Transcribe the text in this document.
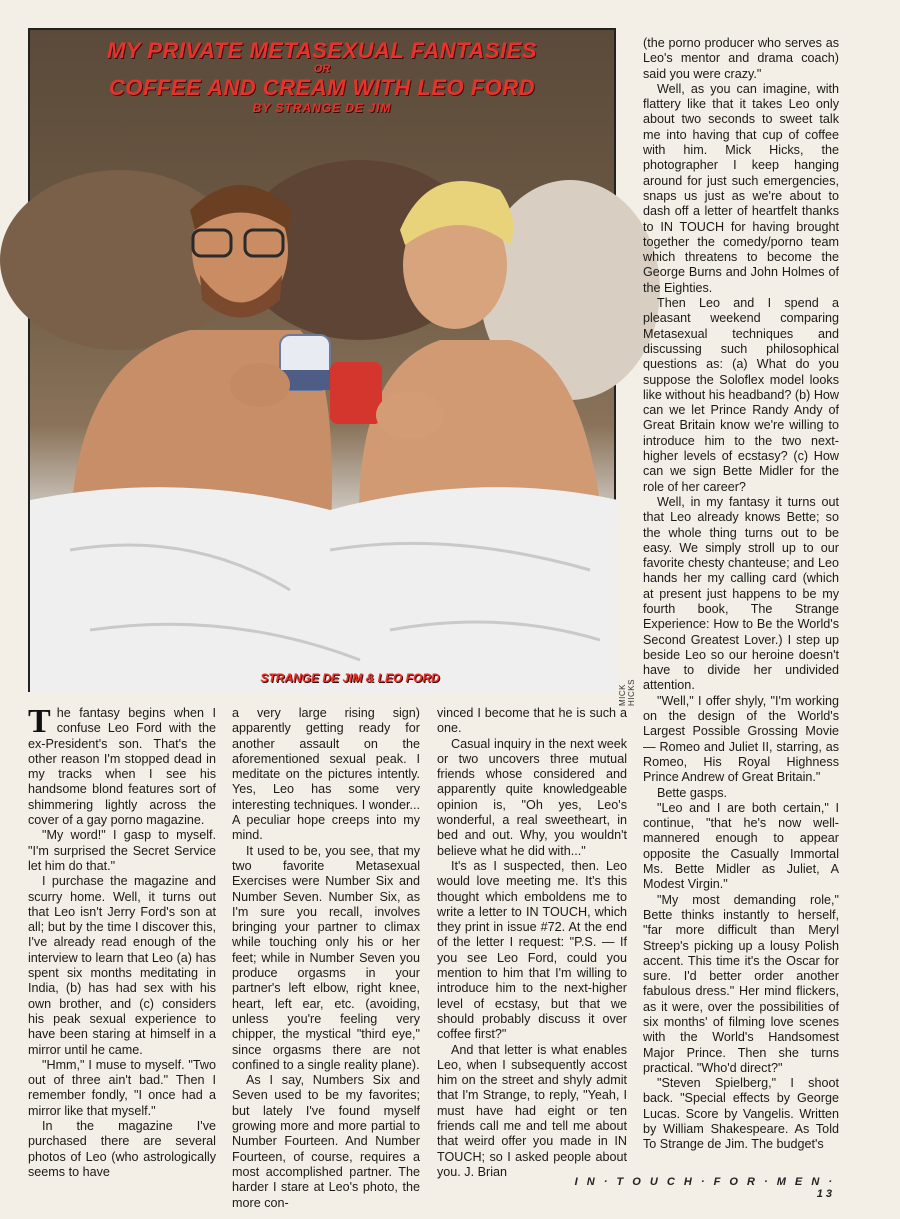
MY PRIVATE METASEXUAL FANTASIES
OR
COFFEE AND CREAM WITH LEO FORD
BY STRANGE DE JIM
STRANGE DE JIM & LEO FORD
MICK HICKS
T he fantasy begins when I confuse Leo Ford with the ex-President's son. That's the other reason I'm stopped dead in my tracks when I see his handsome blond features sort of shimmering lightly across the cover of a gay porno magazine.

"My word!" I gasp to myself. "I'm surprised the Secret Service let him do that."

I purchase the magazine and scurry home. Well, it turns out that Leo isn't Jerry Ford's son at all; but by the time I discover this, I've already read enough of the interview to learn that Leo (a) has spent six months meditating in India, (b) has had sex with his own brother, and (c) considers his peak sexual experience to have been staring at himself in a mirror until he came.

"Hmm," I muse to myself. "Two out of three ain't bad." Then I remember fondly, "I once had a mirror like that myself."

In the magazine I've purchased there are several photos of Leo (who astrologically seems to have

a very large rising sign) apparently getting ready for another assault on the aforementioned sexual peak. I meditate on the pictures intently. Yes, Leo has some very interesting techniques. I wonder... A peculiar hope creeps into my mind.

It used to be, you see, that my two favorite Metasexual Exercises were Number Six and Number Seven. Number Six, as I'm sure you recall, involves bringing your partner to climax while touching only his or her feet; while in Number Seven you produce orgasms in your partner's left elbow, right knee, heart, left ear, etc. (avoiding, unless you're feeling very chipper, the mystical "third eye," since orgasms there are not confined to a single reality plane).

As I say, Numbers Six and Seven used to be my favorites; but lately I've found myself growing more and more partial to Number Fourteen. And Number Fourteen, of course, requires a most accomplished partner. The harder I stare at Leo's photo, the more con-

vinced I become that he is such a one.

Casual inquiry in the next week or two uncovers three mutual friends whose considered and apparently quite knowledgeable opinion is, "Oh yes, Leo's wonderful, a real sweetheart, in bed and out. Why, you wouldn't believe what he did with..."

It's as I suspected, then. Leo would love meeting me. It's this thought which emboldens me to write a letter to IN TOUCH, which they print in issue #72. At the end of the letter I request: "P.S. — If you see Leo Ford, could you mention to him that I'm willing to introduce him to the next-higher level of ecstasy, but that we should probably discuss it over coffee first?"

And that letter is what enables Leo, when I subsequently accost him on the street and shyly admit that I'm Strange, to reply, "Yeah, I must have had eight or ten friends call me and tell me about that weird offer you made in IN TOUCH; so I asked people about you. J. Brian

(the porno producer who serves as Leo's mentor and drama coach) said you were crazy."

Well, as you can imagine, with flattery like that it takes Leo only about two seconds to sweet talk me into having that cup of coffee with him. Mick Hicks, the photographer I keep hanging around for just such emergencies, snaps us just as we're about to dash off a letter of heartfelt thanks to IN TOUCH for having brought together the comedy/porno team which threatens to become the George Burns and John Holmes of the Eighties.

Then Leo and I spend a pleasant weekend comparing Metasexual techniques and discussing such philosophical questions as: (a) What do you suppose the Soloflex model looks like without his headband? (b) How can we let Prince Randy Andy of Great Britain know we're willing to introduce him to the two next-higher levels of ecstasy? (c) How can we sign Bette Midler for the role of her career?

Well, in my fantasy it turns out that Leo already knows Bette; so the whole thing turns out to be easy. We simply stroll up to our favorite chesty chanteuse; and Leo hands her my calling card (which at present just happens to be my fourth book, The Strange Experience: How to Be the World's Second Greatest Lover.) I step up beside Leo so our heroine doesn't have to divide her undivided attention.

"Well," I offer shyly, "I'm working on the design of the World's Largest Possible Grossing Movie — Romeo and Juliet II, starring, as Romeo, His Royal Highness Prince Andrew of Great Britain."

Bette gasps.

"Leo and I are both certain," I continue, "that he's now well-mannered enough to appear opposite the Casually Immortal Ms. Bette Midler as Juliet, A Modest Virgin."

"My most demanding role," Bette thinks instantly to herself, "far more difficult than Meryl Streep's picking up a lousy Polish accent. This time it's the Oscar for sure. I'd better order another fabulous dress." Her mind flickers, as it were, over the possibilities of six months' of filming love scenes with the World's Handsomest Major Prince. Then she turns practical. "Who'd direct?"

"Steven Spielberg," I shoot back. "Special effects by George Lucas. Score by Vangelis. Written by William Shakespeare. As Told To Strange de Jim. The budget's

I N · T O U C H · F O R · M E N · 13
